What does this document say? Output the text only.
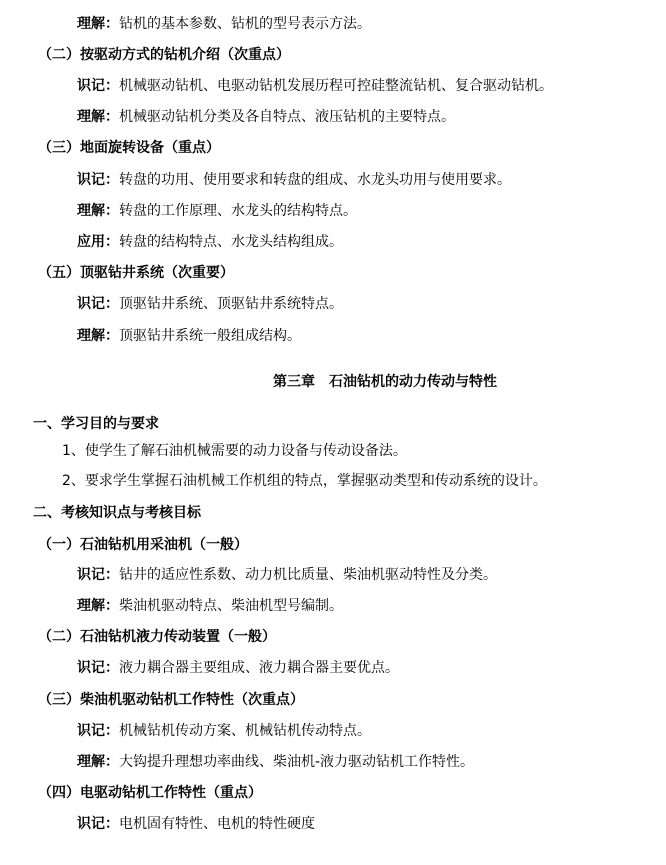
理解：钻机的基本参数、钻机的型号表示方法。
（二）按驱动方式的钻机介绍（次重点）
识记：机械驱动钻机、电驱动钻机发展历程可控硅整流钻机、复合驱动钻机。
理解：机械驱动钻机分类及各自特点、液压钻机的主要特点。
（三）地面旋转设备（重点）
识记：转盘的功用、使用要求和转盘的组成、水龙头功用与使用要求。
理解：转盘的工作原理、水龙头的结构特点。
应用：转盘的结构特点、水龙头结构组成。
（五）顶驱钻井系统（次重要）
识记：顶驱钻井系统、顶驱钻井系统特点。
理解：顶驱钻井系统一般组成结构。
第三章　石油钻机的动力传动与特性
一、学习目的与要求
1、使学生了解石油机械需要的动力设备与传动设备法。
2、要求学生掌握石油机械工作机组的特点，掌握驱动类型和传动系统的设计。
二、考核知识点与考核目标
（一）石油钻机用采油机（一般）
识记：钻井的适应性系数、动力机比质量、柴油机驱动特性及分类。
理解：柴油机驱动特点、柴油机型号编制。
（二）石油钻机液力传动装置（一般）
识记：液力耦合器主要组成、液力耦合器主要优点。
（三）柴油机驱动钻机工作特性（次重点）
识记：机械钻机传动方案、机械钻机传动特点。
理解：大钩提升理想功率曲线、柴油机-液力驱动钻机工作特性。
（四）电驱动钻机工作特性（重点）
识记：电机固有特性、电机的特性硬度
